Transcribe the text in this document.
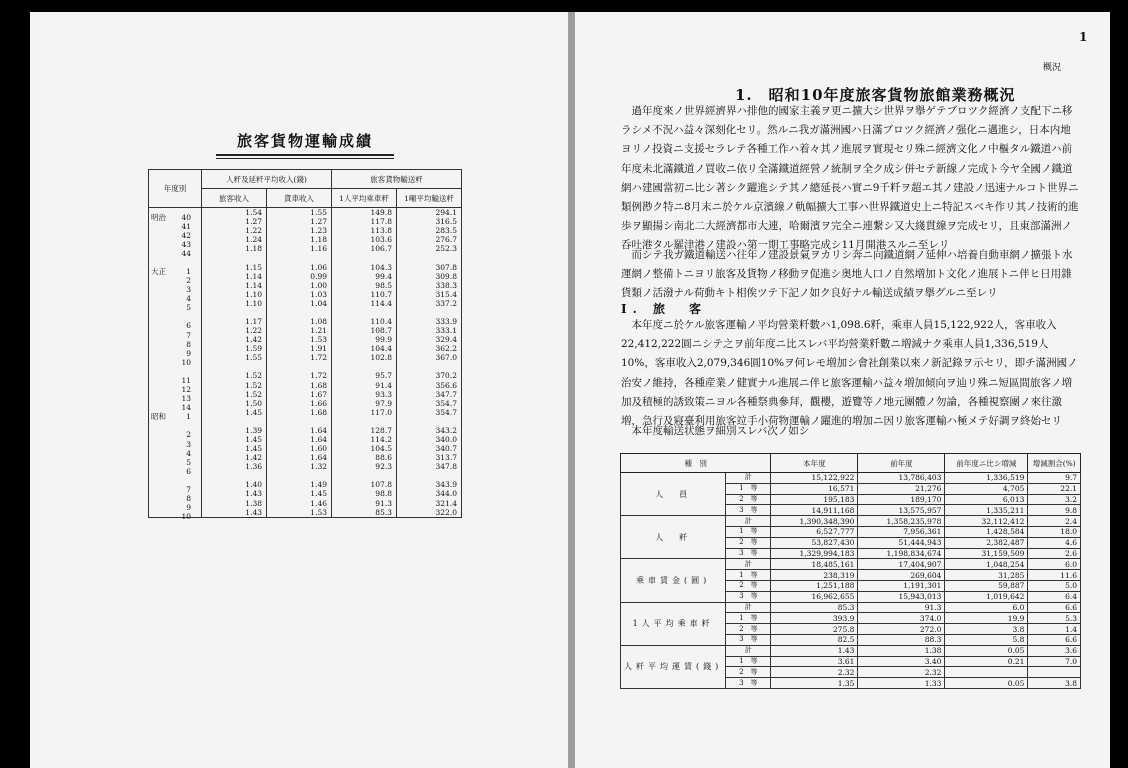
旅客貨物運輸成績
年度別	人粁及延粁平均收入(錢)		旅客貨物輸送粁	
	旅客收入	貨車收入	1人平均乘車粁	1噸平均輸送粁

明治 40	1.54	1.55	149.8	294.1

41	1.27	1.27	117.8	316.5

42	1.22	1.23	113.8	283.5

43	1.24	1.18	103.6	276.7

44	1.18	1.16	106.7	252.3

大正 1	1.15	1.06	104.3	307.8

2	1.14	0.99	99.4	309.8

3	1.14	1.00	98.5	338.3

4	1.10	1.03	110.7	315.4

5	1.10	1.04	114.4	337.2

6	1.17	1.08	110.4	333.9

7	1.22	1.21	108.7	333.1

8	1.42	1.53	99.9	329.4

9	1.59	1.91	104.4	362.2

10	1.55	1.72	102.8	367.0

11	1.52	1.72	95.7	370.2

12	1.52	1.68	91.4	356.6

13	1.52	1.67	93.3	347.7

14	1.50	1.66	97.9	354.7

昭和 1	1.45	1.68	117.0	354.7

2	1.39	1.64	128.7	343.2

3	1.45	1.64	114.2	340.0

4	1.45	1.60	104.5	340.7

5	1.42	1.64	88.6	313.7

6	1.36	1.32	92.3	347.8

7	1.40	1.49	107.8	343.9

8	1.43	1.45	98.8	344.0

9	1.38	1.46	91.3	321.4

10	1.43	1.53	85.3	322.0
1
概況
1.　昭和10年度旅客貨物旅館業務概況

過年度來ノ世界經濟界ハ排他的國家主義ヲ更ニ擴大シ世界ヲ擧ゲテブロツク經濟ノ支配下ニ移ラシメ不況ハ益々深刻化セリ。然ルニ我ガ滿洲國ハ日滿ブロツク經濟ノ强化ニ邁進シ，日本内地ヨリノ投資ニ支援セラレテ各種工作ハ着々其ノ進展ヲ實現セリ殊ニ經濟文化ノ中樞タル鐵道ハ前年度未北滿鐵道ノ買收ニ依リ全滿鐵道經營ノ統制ヲ全ク成シ併セテ新線ノ完成ト今ヤ全國ノ鐵道網ハ建國當初ニ比シ著シク躍進シテ其ノ總延長ハ實ニ9千粁ヲ超エ其ノ建設ノ迅速ナルコト世界ニ類例尠ク特ニ8月末ニ於ケル京濱線ノ軌幅擴大工事ハ世界鐵道史上ニ特記スベキ作リ其ノ技術的進歩ヲ顯揚シ南北二大經濟都市大連，哈爾濱ヲ完全ニ連繋シ又大綫貫線ヲ完成セリ，且東部滿洲ノ呑吐港タル羅津港ノ建設ハ第一期工事略完成シ11月開港スルニ至レリ

而シテ我ガ鐵道輸送ハ往年ノ建設景氣ヲカリシ奔ニ向鐵道網ノ延伸ハ培養自動車網ノ擴張ト水運網ノ整備トニヨリ旅客及貨物ノ移動ヲ促進シ奥地人口ノ自然増加ト文化ノ進展トニ伴ヒ日用雜貨類ノ活潑ナル荷動キト相俟ツテ下記ノ如ク良好ナル輸送成績ヲ擧グルニ至レリ

I. 旅　客

本年度ニ於ケル旅客運輸ノ平均營業粁數ハ1,098.6粁，乘車人員15,122,922人，客車收入22,412,222圓ニシテ之ヲ前年度ニ比スレバ平均營業粁數ニ増減ナク乘車人員1,336,519人10%，客車收入2,079,346圓10%ヲ何レモ増加シ會社創業以來ノ新記錄ヲ示セリ，即チ滿洲國ノ治安ノ維持，各種産業ノ健實ナル進展ニ伴ヒ旅客運輸ハ益々増加傾向ヲ辿リ殊ニ短區間旅客ノ増加及積極的誘致策ニヨル各種祭典參拜，觀櫻，遊覽等ノ地元團體ノ勿論，各種視察團ノ來往激増，急行及寢臺利用旅客竝手小荷物運輸ノ躍進的増加ニ因リ旅客運輸ハ極メテ好調ヲ終始セリ

本年度輸送状態ヲ細別スレバ次ノ如シ

種　別		本年度	前年度	前年度ニ比シ増減	增減割合(%)
人　員	計	15,122,922	13,786,403	1,336,519	9.7
	1　等	16,571	21,276	4,705	22.1
	2　等	195,183	189,170	6,013	3.2
	3　等	14,911,168	13,575,957	1,335,211	9.8
人　粁	計	1,390,348,390	1,358,235,978	32,112,412	2.4
	1　等	6,527,777	7,956,361	1,428,584	18.0
	2　等	53,827,430	51,444,943	2,382,487	4.6
	3　等	1,329,994,183	1,198,834,674	31,159,509	2.6
乘車賃金(圓)	計	18,485,161	17,404,907	1,048,254	6.0
	1　等	238,319	269,604	31,285	11.6
	2　等	1,251,188	1,191,301	59,887	5.0
	3　等	16,962,655	15,943,013	1,019,642	6.4
1人平均乘車粁	計	85.3	91.3	6.0	6.6
	1　等	393.9	374.0	19.9	5.3
	2　等	275.8	272.0	3.8	1.4
	3　等	82.5	88.3	5.8	6.6
人粁平均運賃(錢)	計	1.43	1.38	0.05	3.6
	1　等	3.61	3.40	0.21	7.0
	2　等	2.32	2.32		
	3　等	1.35	1.33	0.05	3.8
